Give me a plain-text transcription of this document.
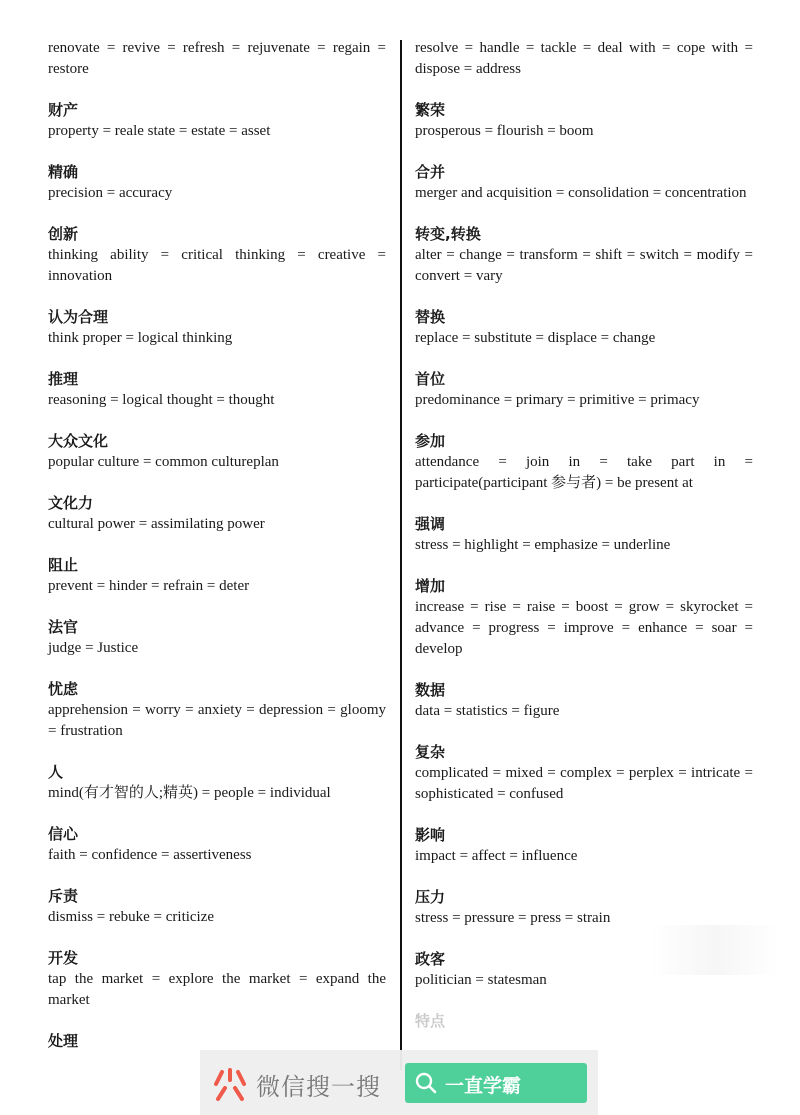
renovate = revive = refresh = rejuvenate = regain = restore

财产

property = reale state = estate = asset

精确

precision = accuracy

创新

thinking ability = critical thinking = creative = innovation

认为合理

think proper = logical thinking

推理

reasoning = logical thought = thought

大众文化

popular culture = common cultureplan

文化力

cultural power = assimilating power

阻止

prevent = hinder = refrain = deter

法官

judge = Justice

忧虑

apprehension = worry = anxiety = depression = gloomy = frustration

人

mind(有才智的人;精英) = people = individual

信心

faith = confidence = assertiveness

斥责

dismiss = rebuke = criticize

开发

tap the market = explore the market = expand the market

处理

resolve = handle = tackle = deal with = cope with = dispose = address

繁荣

prosperous = flourish = boom

合并

merger and acquisition = consolidation = concentration

转变,转换

alter = change = transform = shift = switch = modify = convert = vary

替换

replace = substitute = displace = change

首位

predominance = primary = primitive = primacy

参加

attendance = join in = take part in = participate(participant 参与者) = be present at

强调

stress = highlight = emphasize = underline

增加

increase = rise = raise = boost = grow = skyrocket = advance = progress = improve = enhance = soar = develop

数据

data = statistics = figure

复杂

complicated = mixed = complex = perplex = intricate = sophisticated = confused

影响

impact = affect = influence

压力

stress = pressure = press = strain

政客

politician = statesman

特点

微信搜一搜	一直学霸
